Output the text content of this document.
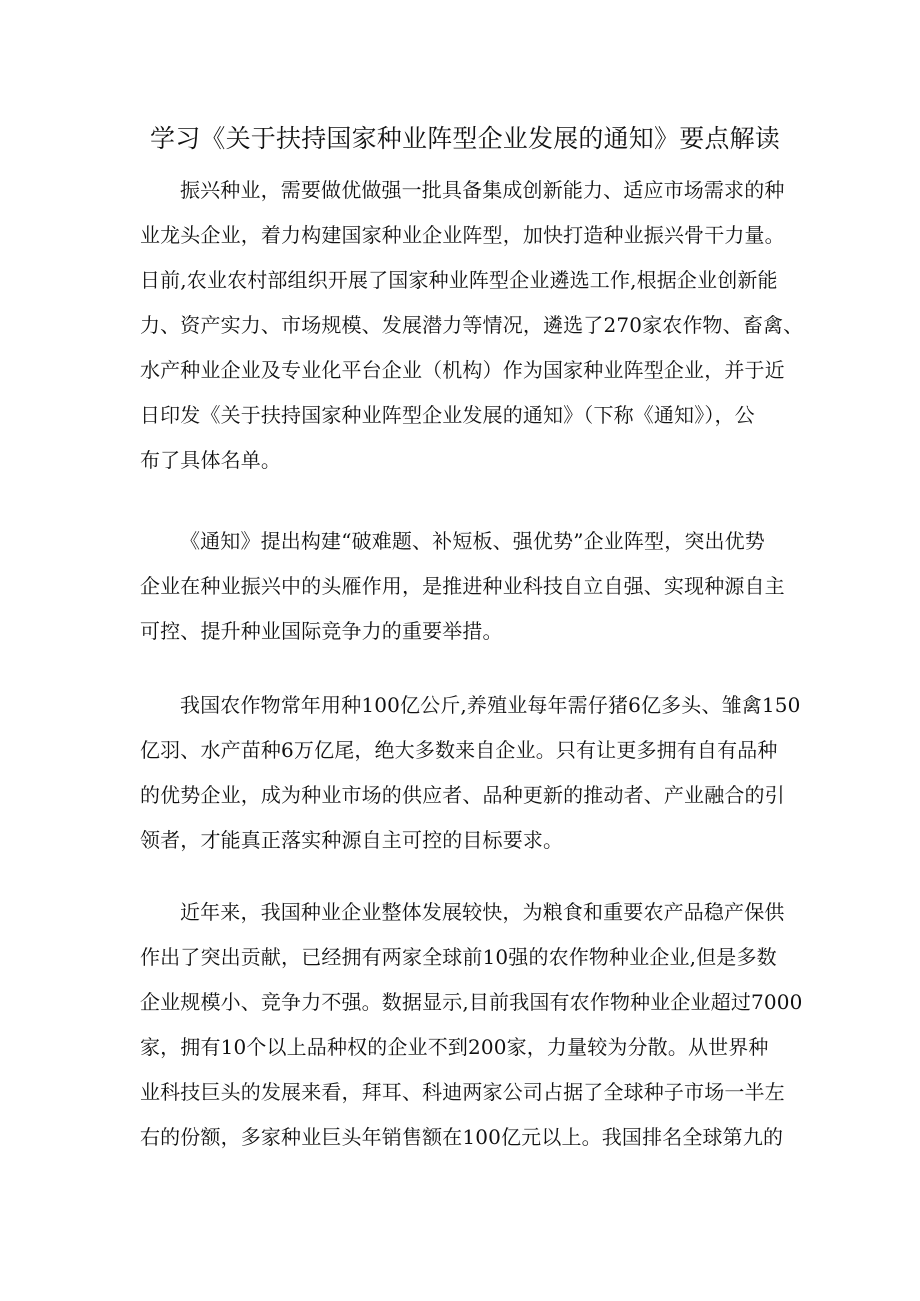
学习《关于扶持国家种业阵型企业发展的通知》要点解读
振兴种业，需要做优做强一批具备集成创新能力、适应市场需求的种
业龙头企业，着力构建国家种业企业阵型，加快打造种业振兴骨干力量。
日前,农业农村部组织开展了国家种业阵型企业遴选工作,根据企业创新能
力、资产实力、市场规模、发展潜力等情况，遴选了270家农作物、畜禽、
水产种业企业及专业化平台企业（机构）作为国家种业阵型企业，并于近
日印发《关于扶持国家种业阵型企业发展的通知》（下称《通知》），公
布了具体名单。
《通知》提出构建“破难题、补短板、强优势”企业阵型，突出优势
企业在种业振兴中的头雁作用，是推进种业科技自立自强、实现种源自主
可控、提升种业国际竞争力的重要举措。
我国农作物常年用种100亿公斤,养殖业每年需仔猪6亿多头、雏禽150
亿羽、水产苗种6万亿尾，绝大多数来自企业。只有让更多拥有自有品种
的优势企业，成为种业市场的供应者、品种更新的推动者、产业融合的引
领者，才能真正落实种源自主可控的目标要求。
近年来，我国种业企业整体发展较快，为粮食和重要农产品稳产保供
作出了突出贡献，已经拥有两家全球前10强的农作物种业企业,但是多数
企业规模小、竞争力不强。数据显示,目前我国有农作物种业企业超过7000
家，拥有10个以上品种权的企业不到200家，力量较为分散。从世界种
业科技巨头的发展来看，拜耳、科迪两家公司占据了全球种子市场一半左
右的份额，多家种业巨头年销售额在100亿元以上。我国排名全球第九的
